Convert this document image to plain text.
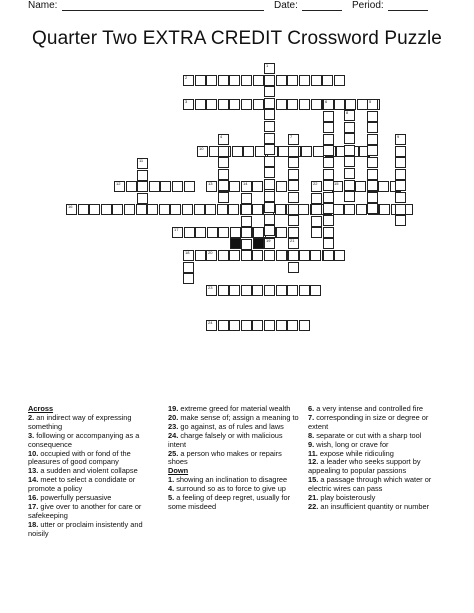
Name:	Date:	Period:
Quarter Two EXTRA CREDIT Crossword Puzzle
2
3
10
12	13	15
16
17
18	20
23
24
1
6	5
9
11
7
4
8
14	22
19	21

Across

2. an indirect way of expressing something

3. following or accompanying as a consequence

10. occupied with or fond of the pleasures of good company

13. a sudden and violent collapse

14. meet to select a condidate or promote a policy

16. powerfully persuasive

17. give over to another for care or safekeeping

18. utter or proclaim insistently and noisily

19. extreme greed for material wealth

20. make sense of; assign a meaning to

23. go against, as of rules and laws

24. charge falsely or with malicious intent

25. a person who makes or repairs shoes

Down

1. showing an inclination to disagree

4. surround so as to force to give up

5. a feeling of deep regret, usually for some misdeed

6. a very intense and controlled fire

7. corresponding in size or degree or extent

8. separate or cut with a sharp tool

9. wish, long or crave for

11. expose while ridiculing

12. a leader who seeks support by appealing to popular passions

15. a passage through which water or electric wires can pass

21. play boisterously

22. an insufficient quantity or number
